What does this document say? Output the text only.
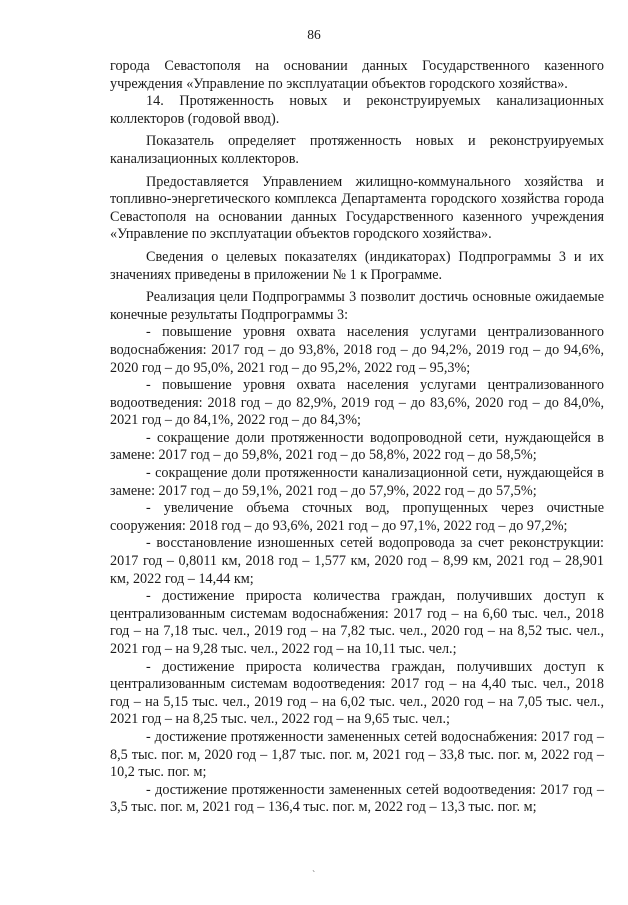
86

города Севастополя на основании данных Государственного казенного учреждения «Управление по эксплуатации объектов городского хозяйства».

14. Протяженность новых и реконструируемых канализационных коллекторов (годовой ввод).

Показатель определяет протяженность новых и реконструируемых канализационных коллекторов.

Предоставляется Управлением жилищно-коммунального хозяйства и топливно-энергетического комплекса Департамента городского хозяйства города Севастополя на основании данных Государственного казенного учреждения «Управление по эксплуатации объектов городского хозяйства».

Сведения о целевых показателях (индикаторах) Подпрограммы 3 и их значениях приведены в приложении № 1 к Программе.

Реализация цели Подпрограммы 3 позволит достичь основные ожидаемые конечные результаты Подпрограммы 3:

- повышение уровня охвата населения услугами централизованного водоснабжения: 2017 год – до 93,8%, 2018 год – до 94,2%, 2019 год – до 94,6%, 2020 год – до 95,0%, 2021 год – до 95,2%, 2022 год – 95,3%;

- повышение уровня охвата населения услугами централизованного водоотведения: 2018 год – до 82,9%, 2019 год – до 83,6%, 2020 год – до 84,0%, 2021 год – до 84,1%, 2022 год – до 84,3%;

- сокращение доли протяженности водопроводной сети, нуждающейся в замене: 2017 год – до 59,8%, 2021 год – до 58,8%, 2022 год – до 58,5%;

- сокращение доли протяженности канализационной сети, нуждающейся в замене: 2017 год – до 59,1%, 2021 год – до 57,9%, 2022 год – до 57,5%;

- увеличение объема сточных вод, пропущенных через очистные сооружения: 2018 год – до 93,6%, 2021 год – до 97,1%, 2022 год – до 97,2%;

- восстановление изношенных сетей водопровода за счет реконструкции: 2017 год – 0,8011 км, 2018 год – 1,577 км, 2020 год – 8,99 км, 2021 год – 28,901 км, 2022 год – 14,44 км;

- достижение прироста количества граждан, получивших доступ к централизованным системам водоснабжения: 2017 год – на 6,60 тыс. чел., 2018 год – на 7,18 тыс. чел., 2019 год – на 7,82 тыс. чел., 2020 год – на 8,52 тыс. чел., 2021 год – на 9,28 тыс. чел., 2022 год – на 10,11 тыс. чел.;

- достижение прироста количества граждан, получивших доступ к централизованным системам водоотведения: 2017 год – на 4,40 тыс. чел., 2018 год – на 5,15 тыс. чел., 2019 год – на 6,02 тыс. чел., 2020 год – на 7,05 тыс. чел., 2021 год – на 8,25 тыс. чел., 2022 год – на 9,65 тыс. чел.;

- достижение протяженности замененных сетей водоснабжения: 2017 год – 8,5 тыс. пог. м, 2020 год – 1,87 тыс. пог. м, 2021 год – 33,8 тыс. пог. м, 2022 год – 10,2 тыс. пог. м;

- достижение протяженности замененных сетей водоотведения: 2017 год – 3,5 тыс. пог. м, 2021 год – 136,4 тыс. пог. м, 2022 год – 13,3 тыс. пог. м;

`
